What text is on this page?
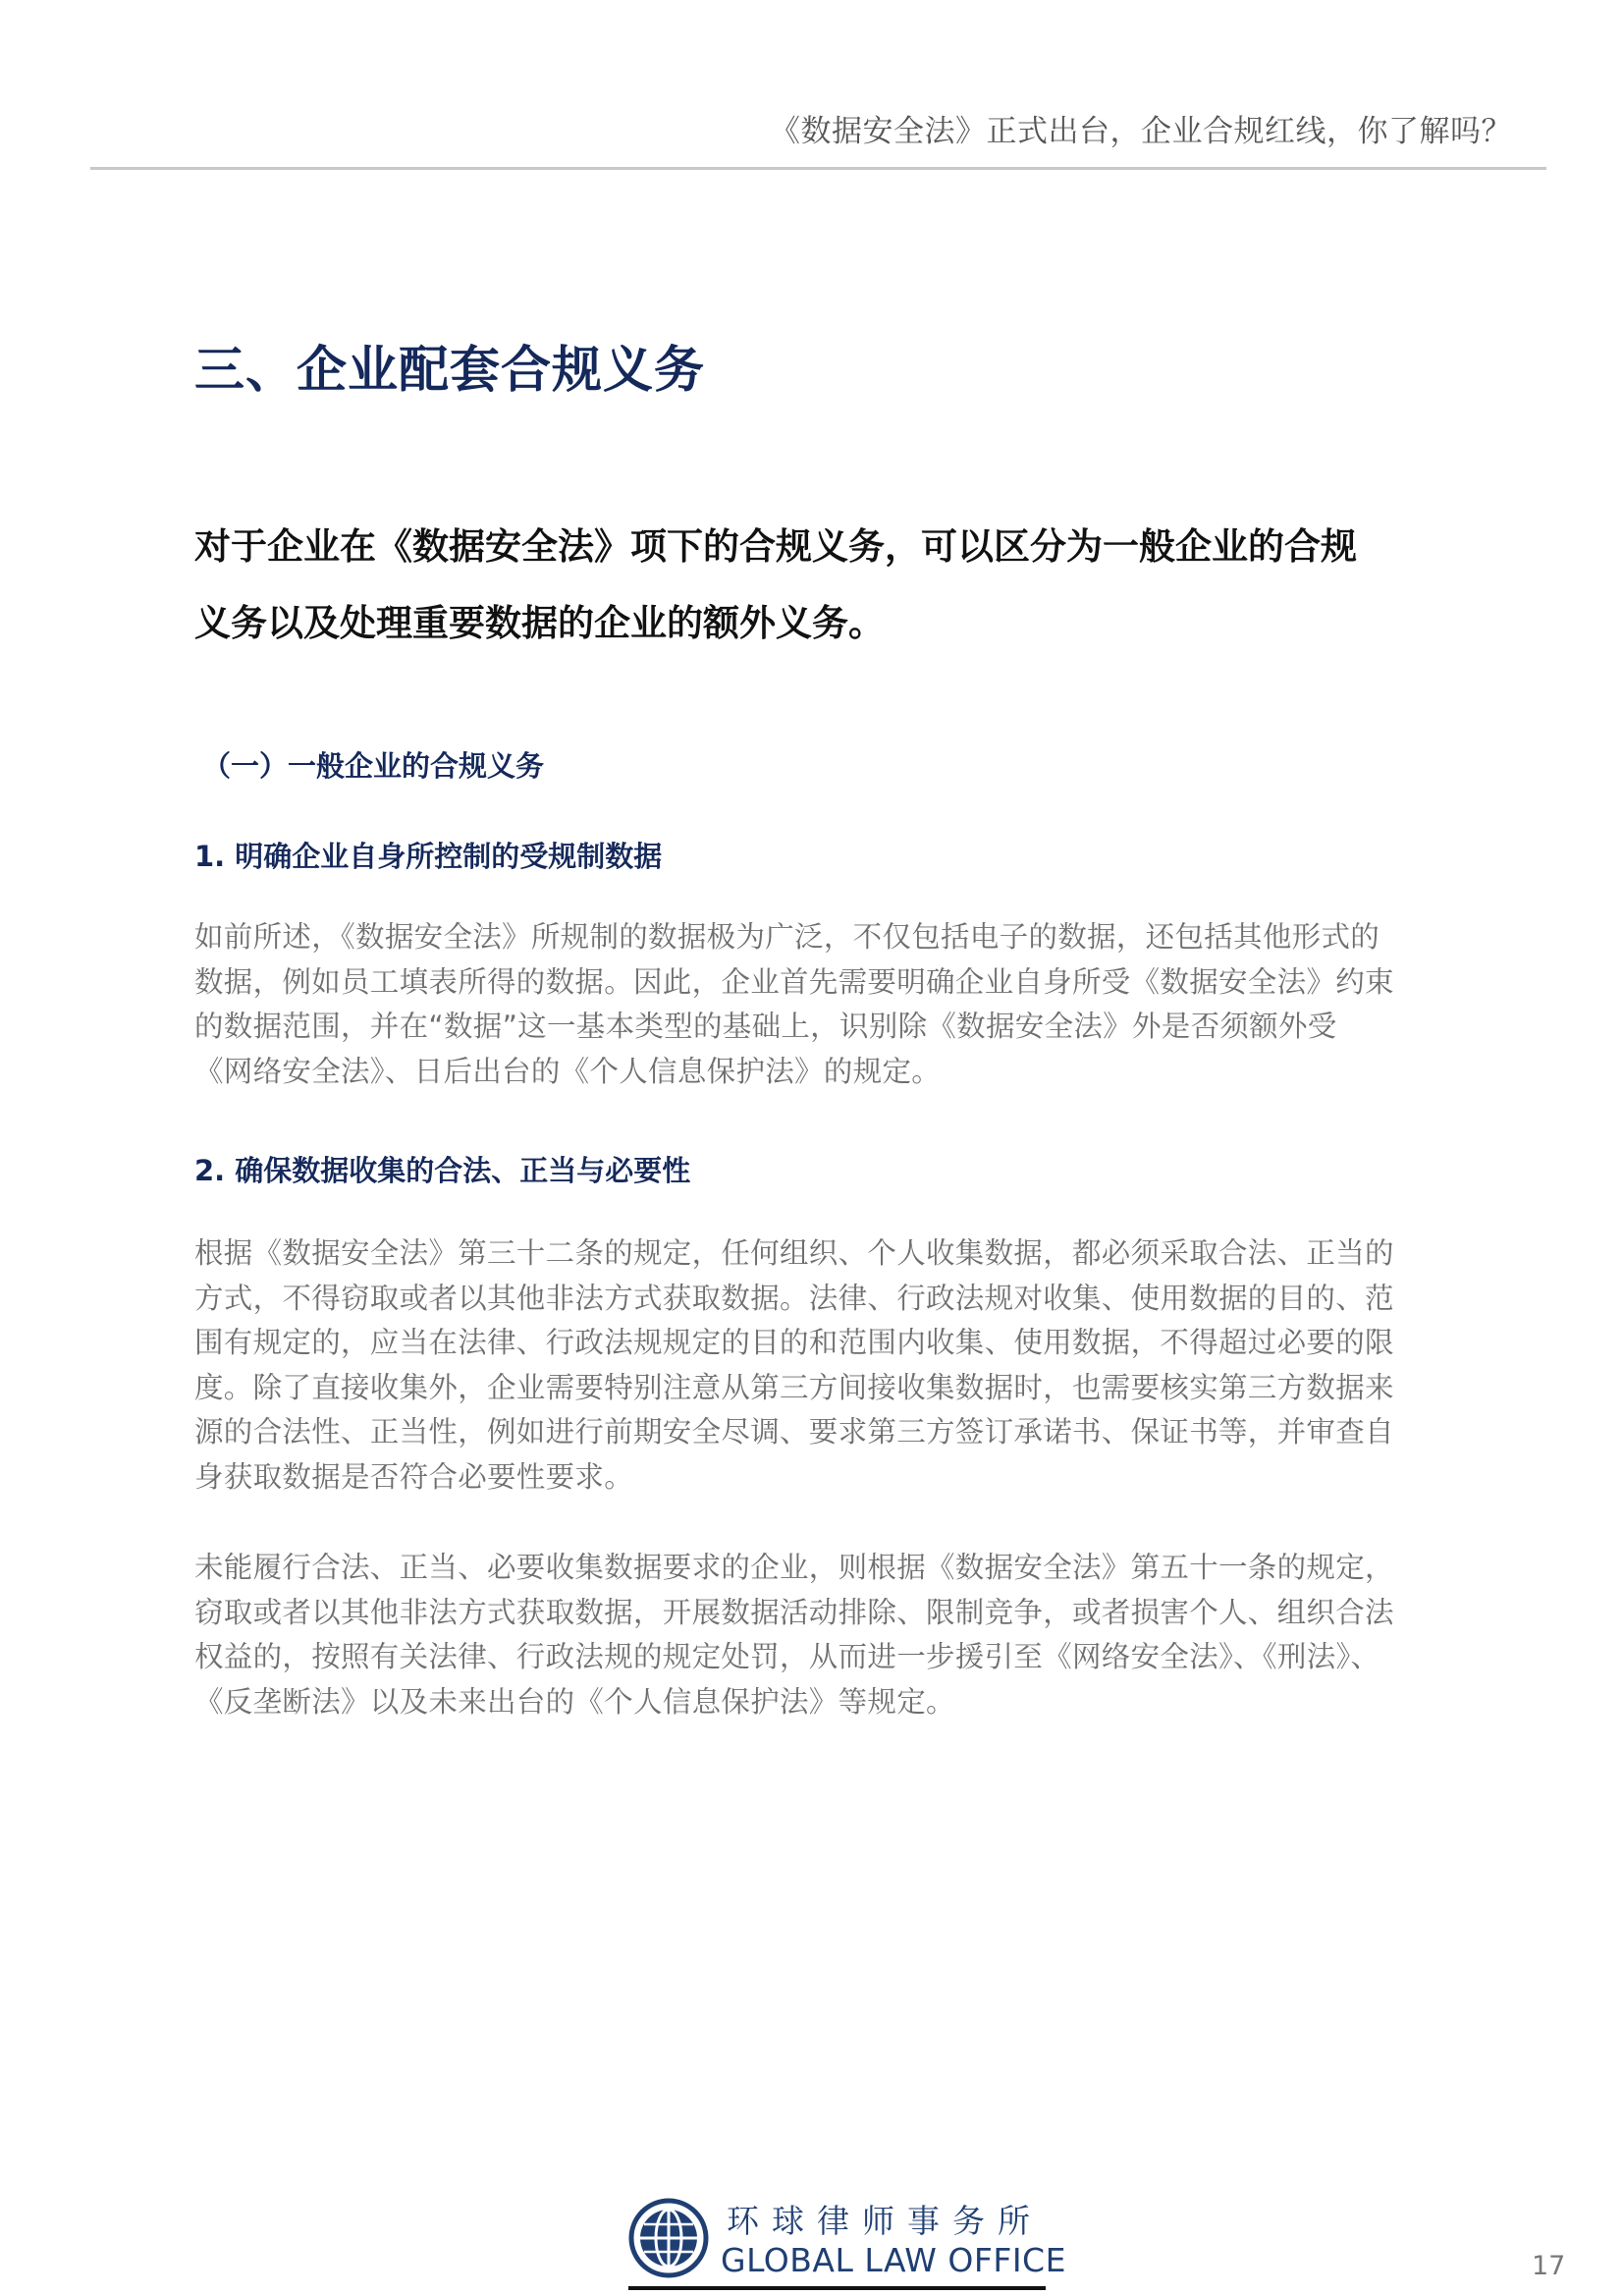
《数据安全法》正式出台，企业合规红线，你了解吗？
三、企业配套合规义务

对于企业在《数据安全法》项下的合规义务，可以区分为一般企业的合规
义务以及处理重要数据的企业的额外义务。

（一）一般企业的合规义务
1. 明确企业自身所控制的受规制数据

如前所述，《数据安全法》所规制的数据极为广泛，不仅包括电子的数据，还包括其他形式的
数据，例如员工填表所得的数据。因此，企业首先需要明确企业自身所受《数据安全法》约束
的数据范围，并在“数据”这一基本类型的基础上，识别除《数据安全法》外是否须额外受
《网络安全法》、日后出台的《个人信息保护法》的规定。

2. 确保数据收集的合法、正当与必要性

根据《数据安全法》第三十二条的规定，任何组织、个人收集数据，都必须采取合法、正当的
方式，不得窃取或者以其他非法方式获取数据。法律、行政法规对收集、使用数据的目的、范
围有规定的，应当在法律、行政法规规定的目的和范围内收集、使用数据，不得超过必要的限
度。除了直接收集外，企业需要特别注意从第三方间接收集数据时，也需要核实第三方数据来
源的合法性、正当性，例如进行前期安全尽调、要求第三方签订承诺书、保证书等，并审查自
身获取数据是否符合必要性要求。

未能履行合法、正当、必要收集数据要求的企业，则根据《数据安全法》第五十一条的规定，
窃取或者以其他非法方式获取数据，开展数据活动排除、限制竞争，或者损害个人、组织合法
权益的，按照有关法律、行政法规的规定处罚，从而进一步援引至《网络安全法》、《刑法》、
《反垄断法》以及未来出台的《个人信息保护法》等规定。

环球律师事务所
GLOBAL LAW OFFICE	17
